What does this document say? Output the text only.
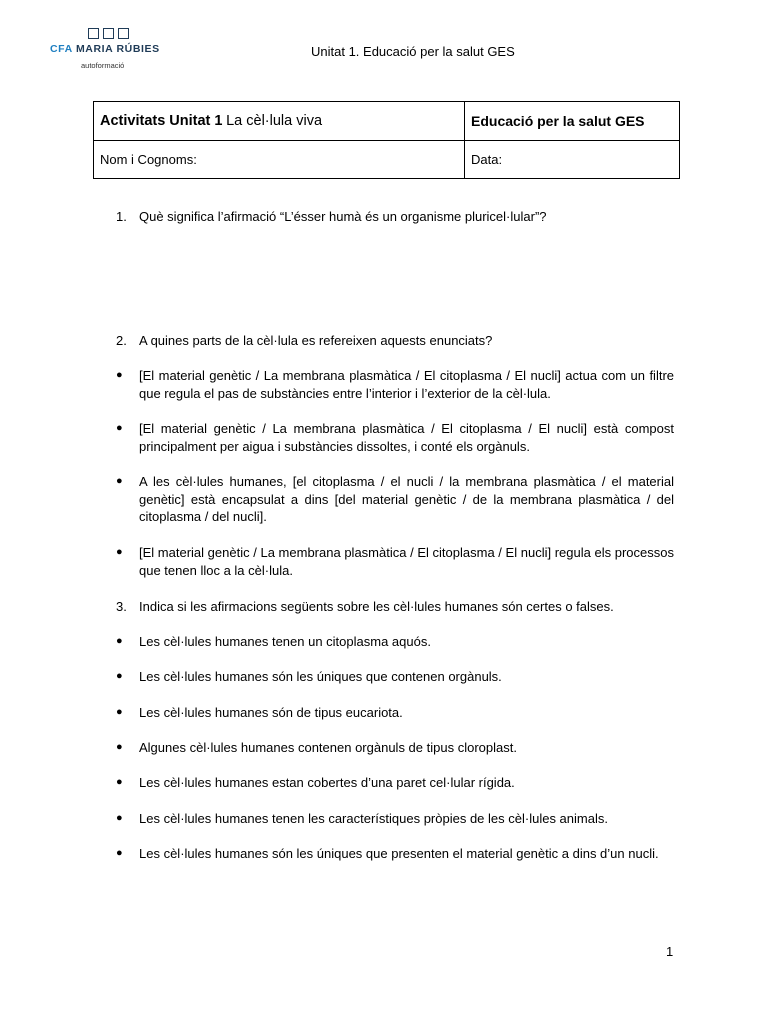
CFA MARIA RÚBIES
autoformació
Unitat 1. Educació per la salut GES
Activitats Unitat 1 La cèl·lula viva	Educació per la salut GES
Nom i Cognoms:	Data:
1. Què significa l’afirmació “L’ésser humà és un organisme pluricel·lular”?
2. A quines parts de la cèl·lula es refereixen aquests enunciats?
●	[El material genètic / La membrana plasmàtica / El citoplasma / El nucli] actua com un filtre que regula el pas de substàncies entre l’interior i l’exterior de la cèl·lula.
●	[El material genètic / La membrana plasmàtica / El citoplasma / El nucli] està compost principalment per aigua i substàncies dissoltes, i conté els orgànuls.
●	A les cèl·lules humanes, [el citoplasma / el nucli / la membrana plasmàtica / el material genètic] està encapsulat a dins [del material genètic / de la membrana plasmàtica / del citoplasma / del nucli].
●	[El material genètic / La membrana plasmàtica / El citoplasma / El nucli] regula els processos que tenen lloc a la cèl·lula.
3. Indica si les afirmacions següents sobre les cèl·lules humanes són certes o falses.
●	Les cèl·lules humanes tenen un citoplasma aquós.
●	Les cèl·lules humanes són les úniques que contenen orgànuls.
●	Les cèl·lules humanes són de tipus eucariota.
●	Algunes cèl·lules humanes contenen orgànuls de tipus cloroplast.
●	Les cèl·lules humanes estan cobertes d’una paret cel·lular rígida.
●	Les cèl·lules humanes tenen les característiques pròpies de les cèl·lules animals.
●	Les cèl·lules humanes són les úniques que presenten el material genètic a dins d’un nucli.
1
